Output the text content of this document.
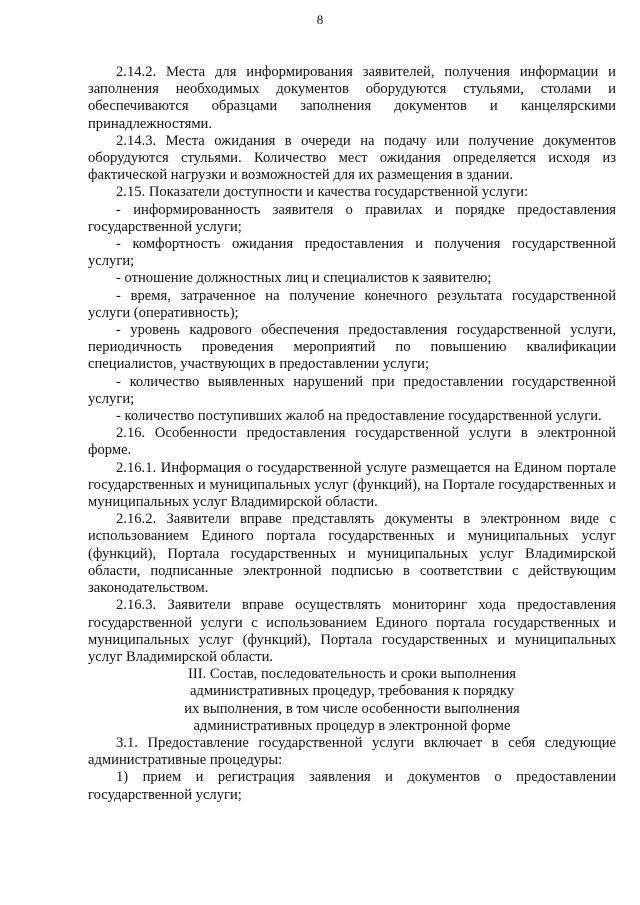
8

2.14.2. Места для информирования заявителей, получения информации и заполнения необходимых документов оборудуются стульями, столами и обеспечиваются образцами заполнения документов и канцелярскими принадлежностями.

2.14.3. Места ожидания в очереди на подачу или получение документов оборудуются стульями. Количество мест ожидания определяется исходя из фактической нагрузки и возможностей для их размещения в здании.

2.15. Показатели доступности и качества государственной услуги:

- информированность заявителя о правилах и порядке предоставления государственной услуги;

- комфортность ожидания предоставления и получения государственной услуги;

- отношение должностных лиц и специалистов к заявителю;

- время, затраченное на получение конечного результата государственной услуги (оперативность);

- уровень кадрового обеспечения предоставления государственной услуги, периодичность проведения мероприятий по повышению квалификации специалистов, участвующих в предоставлении услуги;

- количество выявленных нарушений при предоставлении государственной услуги;

- количество поступивших жалоб на предоставление государственной услуги.

2.16. Особенности предоставления государственной услуги в электронной форме.

2.16.1. Информация о государственной услуге размещается на Едином портале государственных и муниципальных услуг (функций), на Портале государственных и муниципальных услуг Владимирской области.

2.16.2. Заявители вправе представлять документы в электронном виде с использованием Единого портала государственных и муниципальных услуг (функций), Портала государственных и муниципальных услуг Владимирской области, подписанные электронной подписью в соответствии с действующим законодательством.

2.16.3. Заявители вправе осуществлять мониторинг хода предоставления государственной услуги с использованием Единого портала государственных и муниципальных услуг (функций), Портала государственных и муниципальных услуг Владимирской области.

III. Состав, последовательность и сроки выполнения
административных процедур, требования к порядку
их выполнения, в том числе особенности выполнения
административных процедур в электронной форме

3.1. Предоставление государственной услуги включает в себя следующие административные процедуры:

1) прием и регистрация заявления и документов о предоставлении государственной услуги;
